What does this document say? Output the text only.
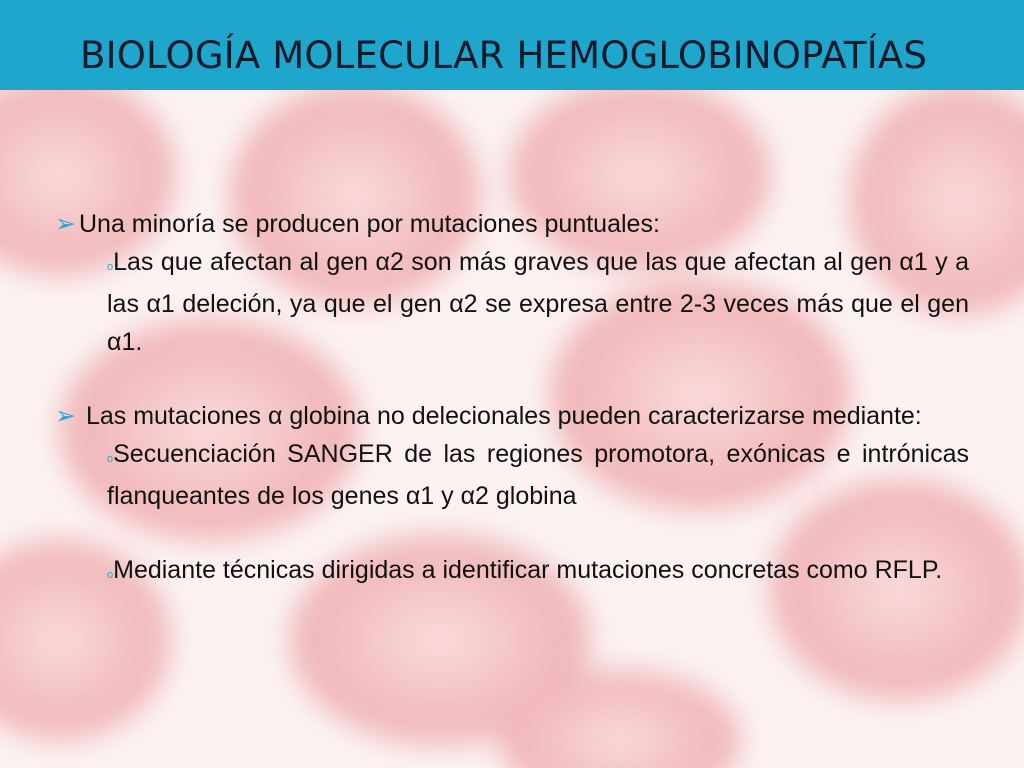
BIOLOGÍA MOLECULAR HEMOGLOBINOPATÍAS

➢ Una minoría se producen por mutaciones puntuales:

oLas que afectan al gen α2 son más graves que las que afectan al gen α1 y a las α1 deleción, ya que el gen α2 se expresa entre 2-3 veces más que el gen α1.

➢ Las mutaciones α globina no delecionales pueden caracterizarse mediante:

oSecuenciación SANGER de las regiones promotora, exónicas e intrónicas flanqueantes de los genes α1 y α2 globina

oMediante técnicas dirigidas a identificar mutaciones concretas como RFLP.
